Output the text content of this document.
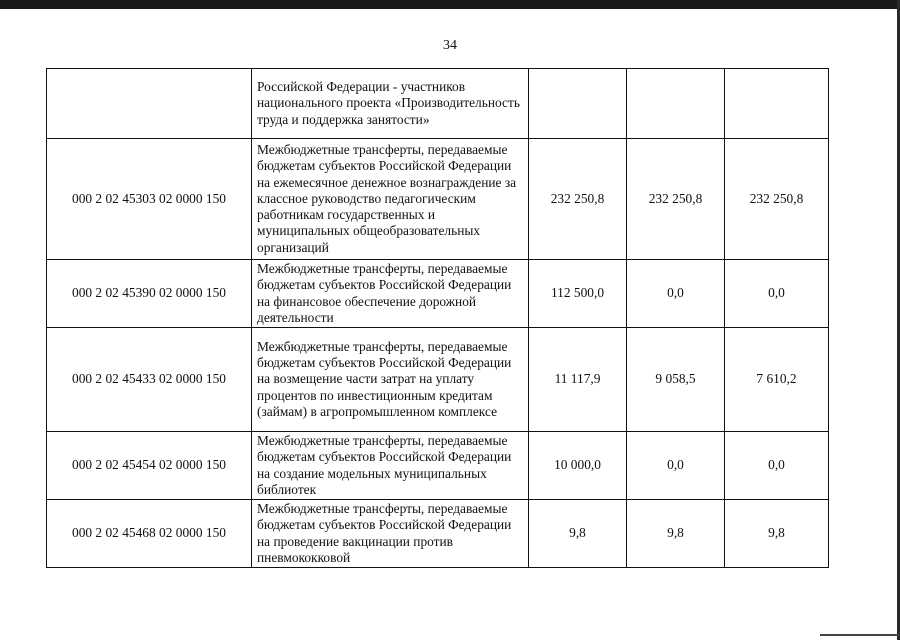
34
	Российской Федерации - участников национального проекта «Производительность труда и поддержка занятости»			
000 2 02 45303 02 0000 150	Межбюджетные трансферты, передаваемые бюджетам субъектов Российской Федерации на ежемесячное денежное вознаграждение за классное руководство педагогическим работникам государственных и муниципальных общеобразовательных организаций	232 250,8	232 250,8	232 250,8
000 2 02 45390 02 0000 150	Межбюджетные трансферты, передаваемые бюджетам субъектов Российской Федерации на финансовое обеспечение дорожной деятельности	112 500,0	0,0	0,0
000 2 02 45433 02 0000 150	Межбюджетные трансферты, передаваемые бюджетам субъектов Российской Федерации на возмещение части затрат на уплату процентов по инвестиционным кредитам (займам) в агропромышленном комплексе	11 117,9	9 058,5	7 610,2
000 2 02 45454 02 0000 150	Межбюджетные трансферты, передаваемые бюджетам субъектов Российской Федерации на создание модельных муниципальных библиотек	10 000,0	0,0	0,0
000 2 02 45468 02 0000 150	Межбюджетные трансферты, передаваемые бюджетам субъектов Российской Федерации на проведение вакцинации против пневмококковой	9,8	9,8	9,8
